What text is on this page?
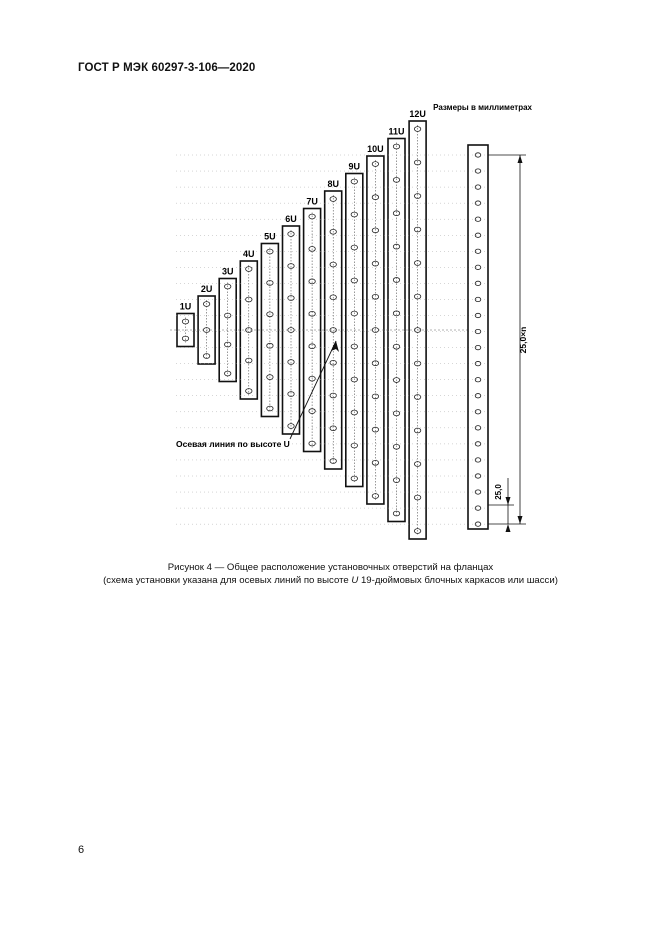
ГОСТ Р МЭК 60297-3-106—2020
Размеры в миллиметрах
1U
2U
3U
4U
5U
6U
7U
8U
9U
10U
11U
12U
Осевая линия по высоте U
25,0×n
25,0
Рисунок 4 — Общее расположение установочных отверстий на фланцах
(схема установки указана для осевых линий по высоте U 19-дюймовых блочных каркасов или шасси)
6
